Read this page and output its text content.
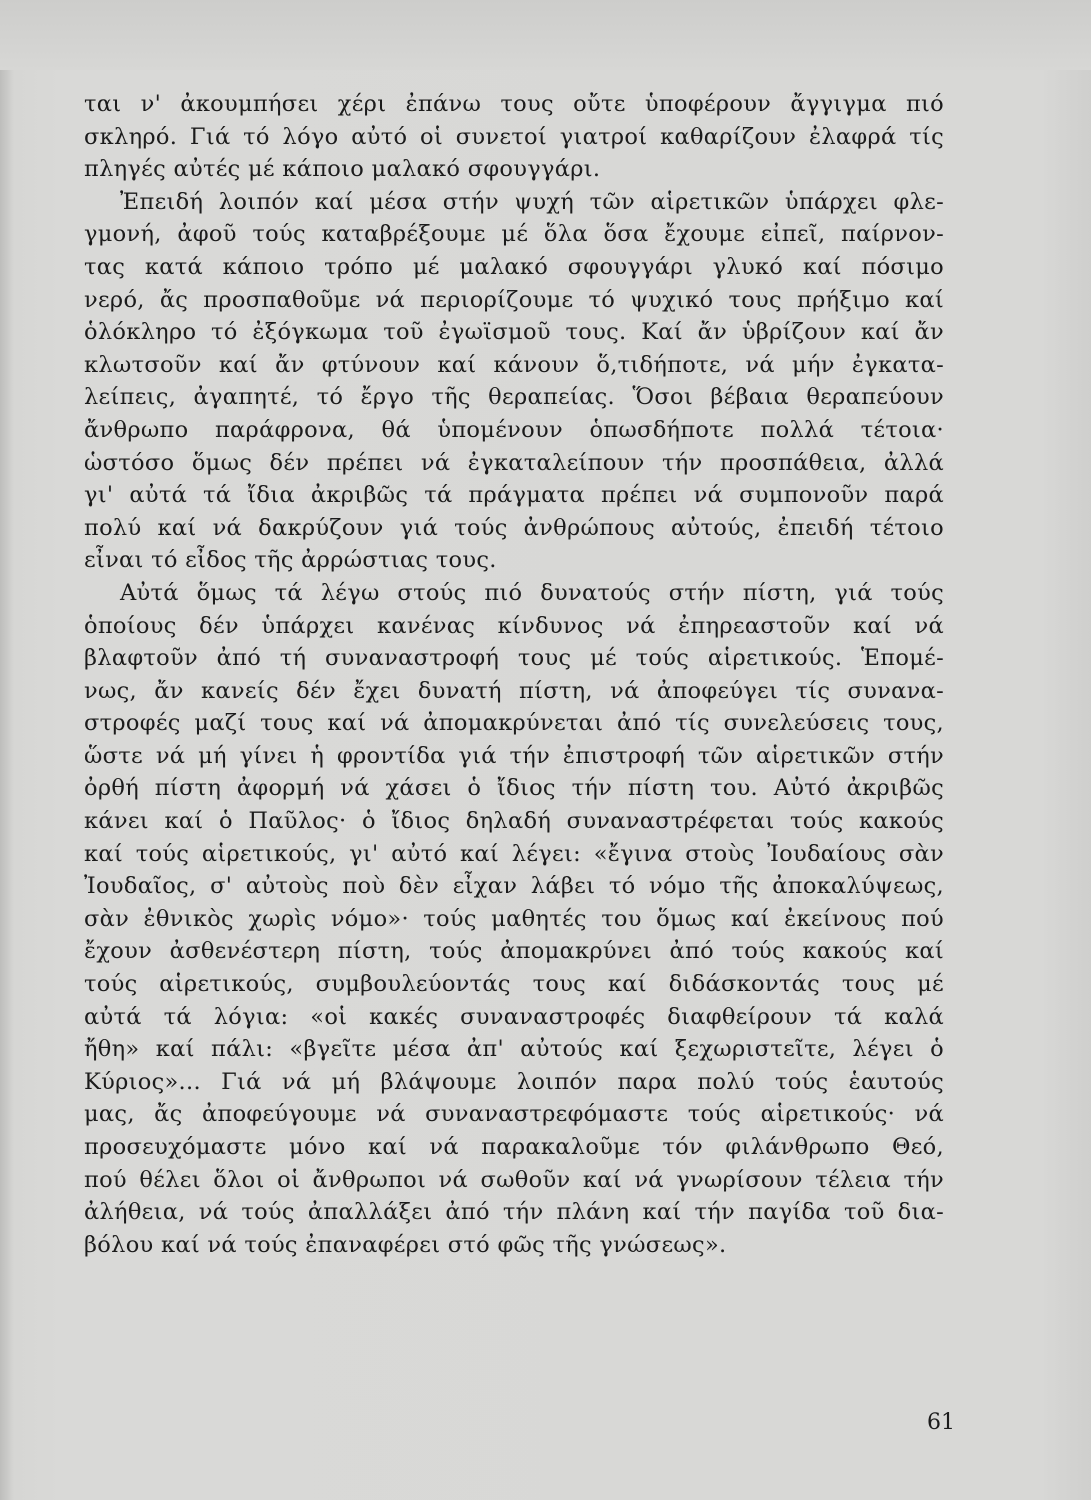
ται ν' ἀκουμπήσει χέρι ἐπάνω τους οὔτε ὑποφέρουν ἄγγιγμα πιό
σκληρό. Γιά τό λόγο αὐτό οἱ συνετοί γιατροί καθαρίζουν ἐλαφρά τίς
πληγές αὐτές μέ κάποιο μαλακό σφουγγάρι.
Ἐπειδή λοιπόν καί μέσα στήν ψυχή τῶν αἱρετικῶν ὑπάρχει φλε-
γμονή, ἀφοῦ τούς καταβρέξουμε μέ ὅλα ὅσα ἔχουμε εἰπεῖ, παίρνον-
τας κατά κάποιο τρόπο μέ μαλακό σφουγγάρι γλυκό καί πόσιμο
νερό, ἄς προσπαθοῦμε νά περιορίζουμε τό ψυχικό τους πρήξιμο καί
ὁλόκληρο τό ἐξόγκωμα τοῦ ἐγωϊσμοῦ τους. Καί ἄν ὑβρίζουν καί ἄν
κλωτσοῦν καί ἄν φτύνουν καί κάνουν ὅ,τιδήποτε, νά μήν ἐγκατα-
λείπεις, ἀγαπητέ, τό ἔργο τῆς θεραπείας. Ὅσοι βέβαια θεραπεύουν
ἄνθρωπο παράφρονα, θά ὑπομένουν ὁπωσδήποτε πολλά τέτοια·
ὡστόσο ὅμως δέν πρέπει νά ἐγκαταλείπουν τήν προσπάθεια, ἀλλά
γι' αὐτά τά ἴδια ἀκριβῶς τά πράγματα πρέπει νά συμπονοῦν παρά
πολύ καί νά δακρύζουν γιά τούς ἀνθρώπους αὐτούς, ἐπειδή τέτοιο
εἶναι τό εἶδος τῆς ἀρρώστιας τους.
Αὐτά ὅμως τά λέγω στούς πιό δυνατούς στήν πίστη, γιά τούς
ὁποίους δέν ὑπάρχει κανένας κίνδυνος νά ἐπηρεαστοῦν καί νά
βλαφτοῦν ἀπό τή συναναστροφή τους μέ τούς αἱρετικούς. Ἑπομέ-
νως, ἄν κανείς δέν ἔχει δυνατή πίστη, νά ἀποφεύγει τίς συνανα-
στροφές μαζί τους καί νά ἀπομακρύνεται ἀπό τίς συνελεύσεις τους,
ὥστε νά μή γίνει ἡ φροντίδα γιά τήν ἐπιστροφή τῶν αἱρετικῶν στήν
ὀρθή πίστη ἀφορμή νά χάσει ὁ ἴδιος τήν πίστη του. Αὐτό ἀκριβῶς
κάνει καί ὁ Παῦλος· ὁ ἴδιος δηλαδή συναναστρέφεται τούς κακούς
καί τούς αἱρετικούς, γι' αὐτό καί λέγει: «ἔγινα στοὺς Ἰουδαίους σὰν
Ἰουδαῖος, σ' αὐτοὺς ποὺ δὲν εἶχαν λάβει τό νόμο τῆς ἀποκαλύψεως,
σὰν ἐθνικὸς χωρὶς νόμο»· τούς μαθητές του ὅμως καί ἐκείνους πού
ἔχουν ἀσθενέστερη πίστη, τούς ἀπομακρύνει ἀπό τούς κακούς καί
τούς αἱρετικούς, συμβουλεύοντάς τους καί διδάσκοντάς τους μέ
αὐτά τά λόγια: «οἱ κακές συναναστροφές διαφθείρουν τά καλά
ἤθη» καί πάλι: «βγεῖτε μέσα ἀπ' αὐτούς καί ξεχωριστεῖτε, λέγει ὁ
Κύριος»... Γιά νά μή βλάψουμε λοιπόν παρα πολύ τούς ἑαυτούς
μας, ἄς ἀποφεύγουμε νά συναναστρεφόμαστε τούς αἱρετικούς· νά
προσευχόμαστε μόνο καί νά παρακαλοῦμε τόν φιλάνθρωπο Θεό,
πού θέλει ὅλοι οἱ ἄνθρωποι νά σωθοῦν καί νά γνωρίσουν τέλεια τήν
ἀλήθεια, νά τούς ἀπαλλάξει ἀπό τήν πλάνη καί τήν παγίδα τοῦ δια-
βόλου καί νά τούς ἐπαναφέρει στό φῶς τῆς γνώσεως».
61
